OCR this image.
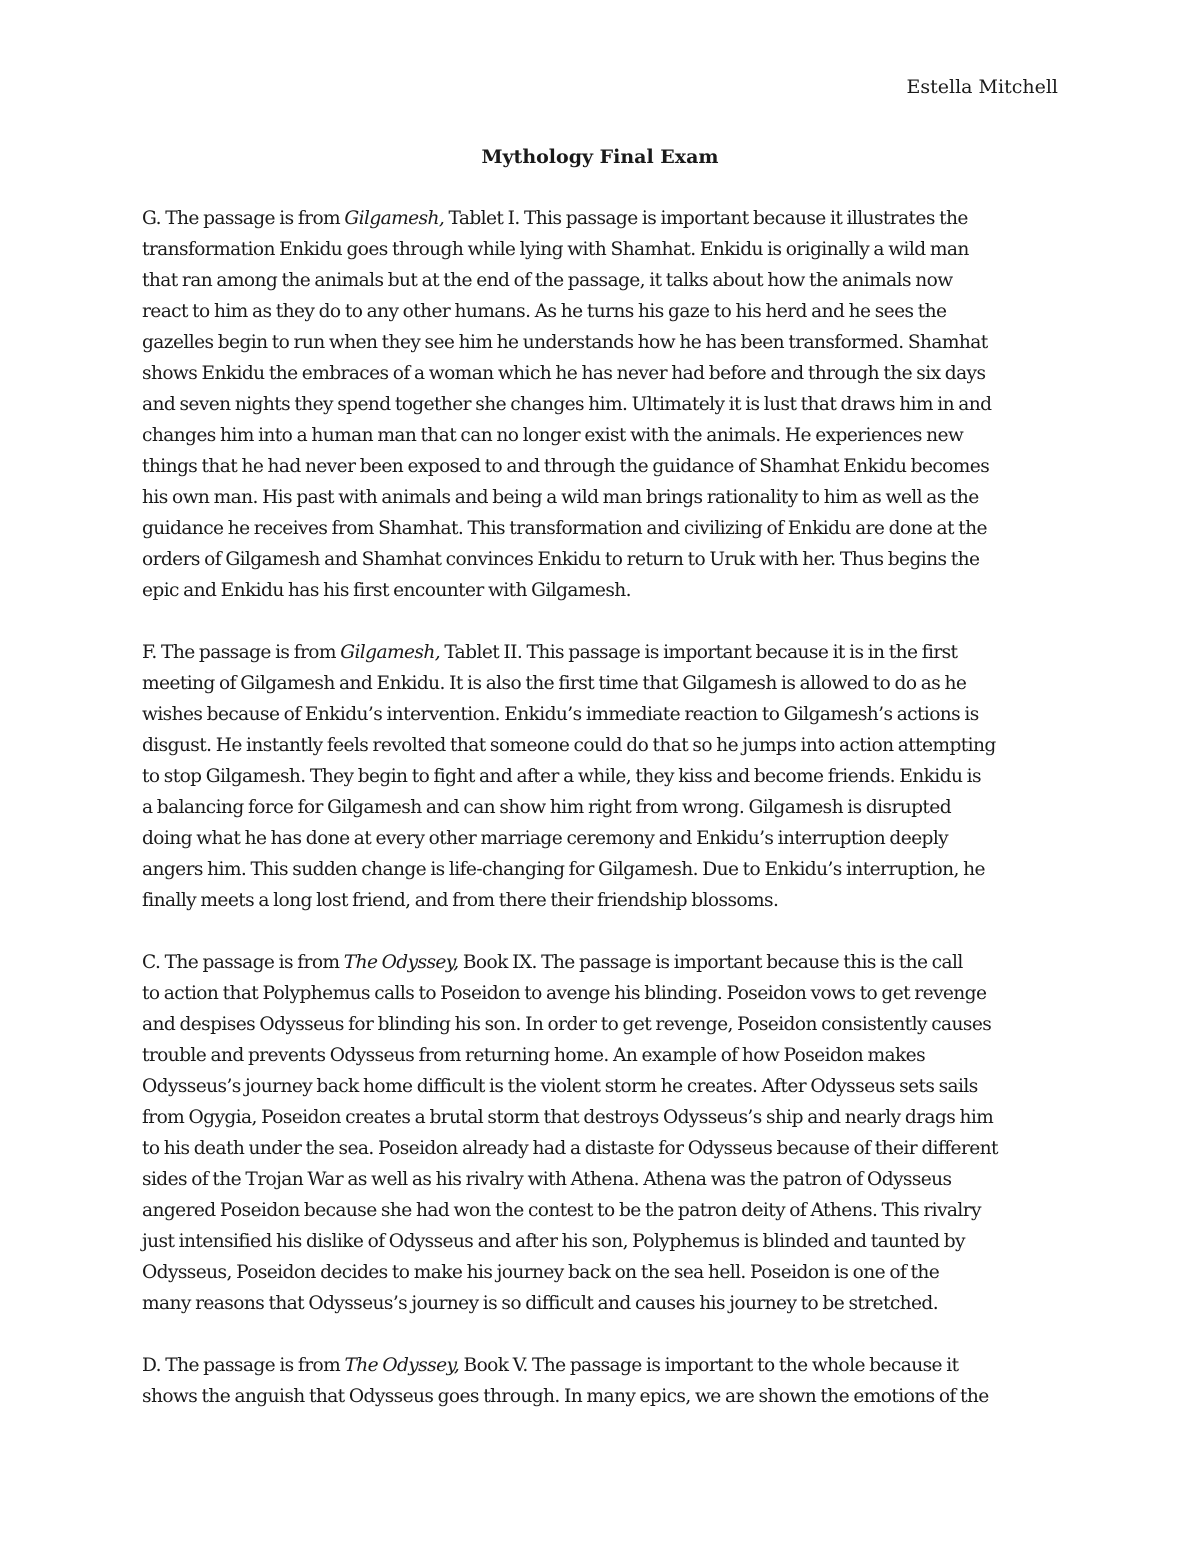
Estella Mitchell
Mythology Final Exam
G. The passage is from Gilgamesh, Tablet I. This passage is important because it illustrates the
transformation Enkidu goes through while lying with Shamhat. Enkidu is originally a wild man
that ran among the animals but at the end of the passage, it talks about how the animals now
react to him as they do to any other humans. As he turns his gaze to his herd and he sees the
gazelles begin to run when they see him he understands how he has been transformed. Shamhat
shows Enkidu the embraces of a woman which he has never had before and through the six days
and seven nights they spend together she changes him. Ultimately it is lust that draws him in and
changes him into a human man that can no longer exist with the animals. He experiences new
things that he had never been exposed to and through the guidance of Shamhat Enkidu becomes
his own man. His past with animals and being a wild man brings rationality to him as well as the
guidance he receives from Shamhat. This transformation and civilizing of Enkidu are done at the
orders of Gilgamesh and Shamhat convinces Enkidu to return to Uruk with her. Thus begins the
epic and Enkidu has his first encounter with Gilgamesh.
F. The passage is from Gilgamesh, Tablet II. This passage is important because it is in the first
meeting of Gilgamesh and Enkidu. It is also the first time that Gilgamesh is allowed to do as he
wishes because of Enkidu’s intervention. Enkidu’s immediate reaction to Gilgamesh’s actions is
disgust. He instantly feels revolted that someone could do that so he jumps into action attempting
to stop Gilgamesh. They begin to fight and after a while, they kiss and become friends. Enkidu is
a balancing force for Gilgamesh and can show him right from wrong. Gilgamesh is disrupted
doing what he has done at every other marriage ceremony and Enkidu’s interruption deeply
angers him. This sudden change is life-changing for Gilgamesh. Due to Enkidu’s interruption, he
finally meets a long lost friend, and from there their friendship blossoms.
C. The passage is from The Odyssey, Book IX. The passage is important because this is the call
to action that Polyphemus calls to Poseidon to avenge his blinding. Poseidon vows to get revenge
and despises Odysseus for blinding his son. In order to get revenge, Poseidon consistently causes
trouble and prevents Odysseus from returning home. An example of how Poseidon makes
Odysseus’s journey back home difficult is the violent storm he creates. After Odysseus sets sails
from Ogygia, Poseidon creates a brutal storm that destroys Odysseus’s ship and nearly drags him
to his death under the sea. Poseidon already had a distaste for Odysseus because of their different
sides of the Trojan War as well as his rivalry with Athena. Athena was the patron of Odysseus
angered Poseidon because she had won the contest to be the patron deity of Athens. This rivalry
just intensified his dislike of Odysseus and after his son, Polyphemus is blinded and taunted by
Odysseus, Poseidon decides to make his journey back on the sea hell. Poseidon is one of the
many reasons that Odysseus’s journey is so difficult and causes his journey to be stretched.
D. The passage is from The Odyssey, Book V. The passage is important to the whole because it
shows the anguish that Odysseus goes through. In many epics, we are shown the emotions of the
